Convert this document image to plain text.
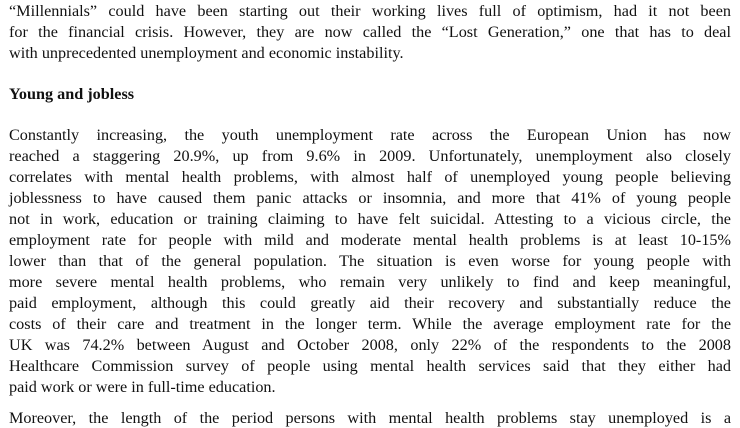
“Millennials” could have been starting out their working lives full of optimism, had it not been
for the financial crisis. However, they are now called the “Lost Generation,” one that has to deal
with unprecedented unemployment and economic instability.
Young and jobless
Constantly increasing, the youth unemployment rate across the European Union has now
reached a staggering 20.9%, up from 9.6% in 2009. Unfortunately, unemployment also closely
correlates with mental health problems, with almost half of unemployed young people believing
joblessness to have caused them panic attacks or insomnia, and more that 41% of young people
not in work, education or training claiming to have felt suicidal. Attesting to a vicious circle, the
employment rate for people with mild and moderate mental health problems is at least 10-15%
lower than that of the general population. The situation is even worse for young people with
more severe mental health problems, who remain very unlikely to find and keep meaningful,
paid employment, although this could greatly aid their recovery and substantially reduce the
costs of their care and treatment in the longer term. While the average employment rate for the
UK was 74.2% between August and October 2008, only 22% of the respondents to the 2008
Healthcare Commission survey of people using mental health services said that they either had
paid work or were in full-time education.
Moreover, the length of the period persons with mental health problems stay unemployed is a
